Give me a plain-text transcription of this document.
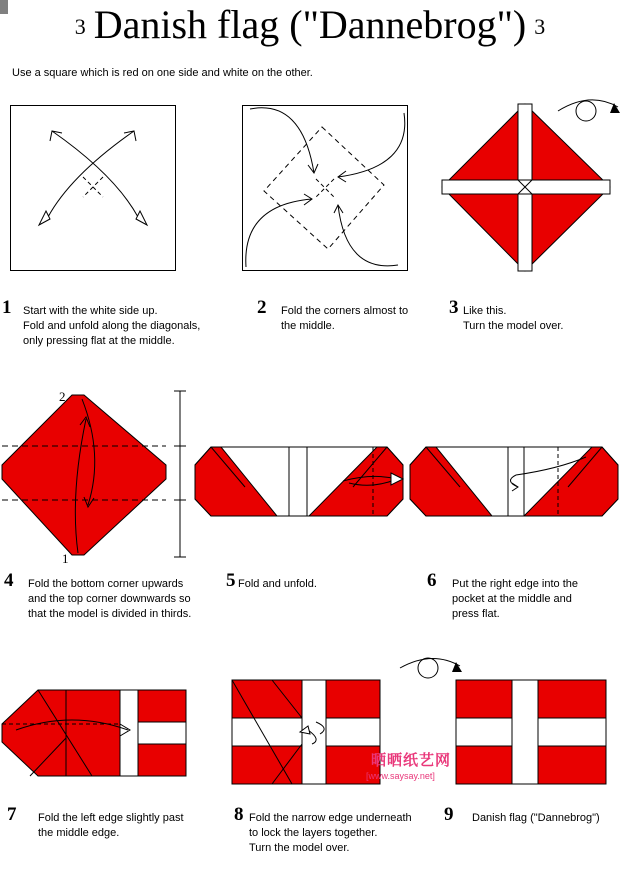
$^3$ Danish flag ("Dannebrog") $^3$
Use a square which is red on one side and white on the other.
2
1
1 Start with the white side up.
Fold and unfold along the diagonals,
only pressing flat at the middle.
2 Fold the corners almost to
the middle.
3 Like this.
Turn the model over.
4 Fold the bottom corner upwards
and the top corner downwards so
that the model is divided in thirds.
5 Fold and unfold.	6 Put the right edge into the
pocket at the middle and
press flat.
7 Fold the left edge slightly past
the middle edge.
8 Fold the narrow edge underneath
to lock the layers together.
Turn the model over.
9 Danish flag ("Dannebrog")
晒晒纸艺网
[www.saysay.net]
